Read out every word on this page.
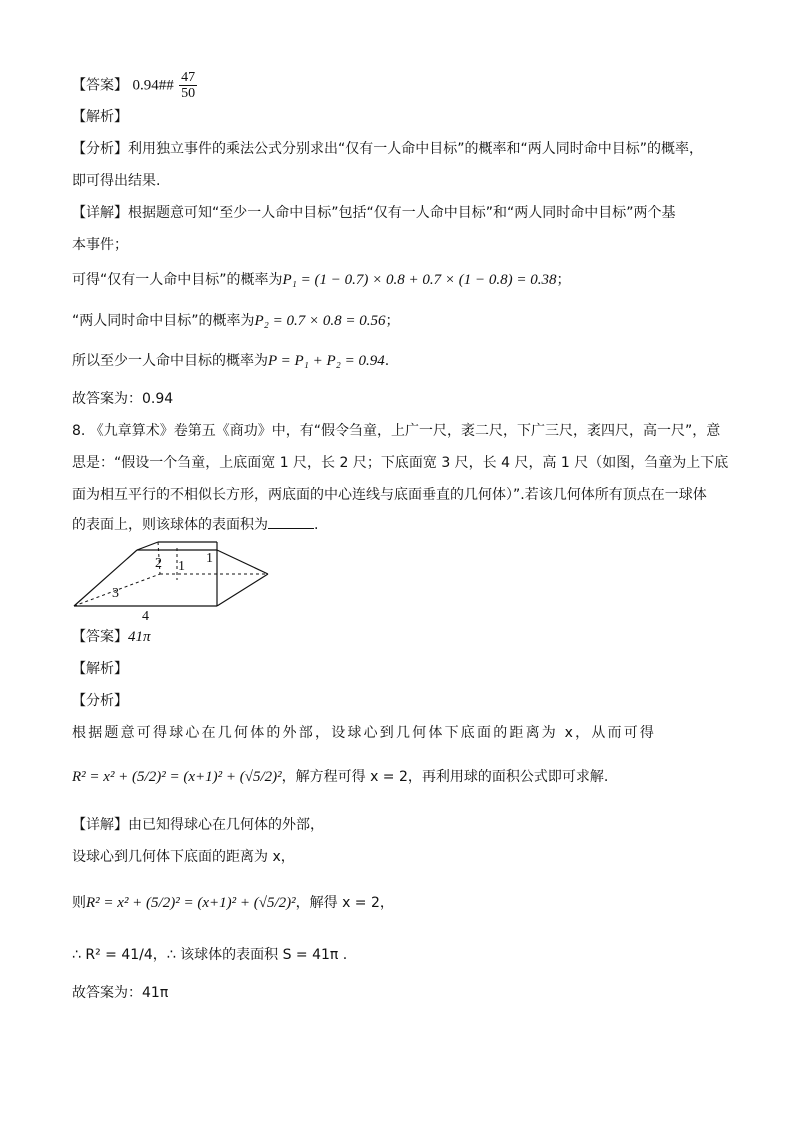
【答案】 0.94## $\frac{47}{50}$
【解析】
【分析】利用独立事件的乘法公式分别求出“仅有一人命中目标”的概率和“两人同时命中目标”的概率，
即可得出结果.
【详解】根据题意可知“至少一人命中目标”包括“仅有一人命中目标”和“两人同时命中目标”两个基
本事件；
可得“仅有一人命中目标”的概率为P₁ = (1 − 0.7) × 0.8 + 0.7 × (1 − 0.8) = 0.38；
“两人同时命中目标”的概率为P₂ = 0.7 × 0.8 = 0.56；
所以至少一人命中目标的概率为P = P₁ + P₂ = 0.94.
故答案为：0.94
8. 《九章算术》卷第五《商功》中，有“假令刍童，上广一尺，袤二尺，下广三尺，袤四尺，高一尺”，意
思是：“假设一个刍童，上底面宽 1 尺，长 2 尺；下底面宽 3 尺，长 4 尺，高 1 尺（如图，刍童为上下底
面为相互平行的不相似长方形，两底面的中心连线与底面垂直的几何体）”.若该几何体所有顶点在一球体
的表面上，则该球体的表面积为	.
1
2 1
3
4
【答案】41π
【解析】
【分析】
根据题意可得球心在几何体的外部，设球心到几何体下底面的距离为 x，从而可得
R² = x² + (5/2)² = (x+1)² + (√5/2)²，解方程可得 x = 2，再利用球的面积公式即可求解.
【详解】由已知得球心在几何体的外部，
设球心到几何体下底面的距离为 x，
则R² = x² + (5/2)² = (x+1)² + (√5/2)²，解得 x = 2，
∴ R² = 41/4，∴ 该球体的表面积 S = 41π .
故答案为：41π
